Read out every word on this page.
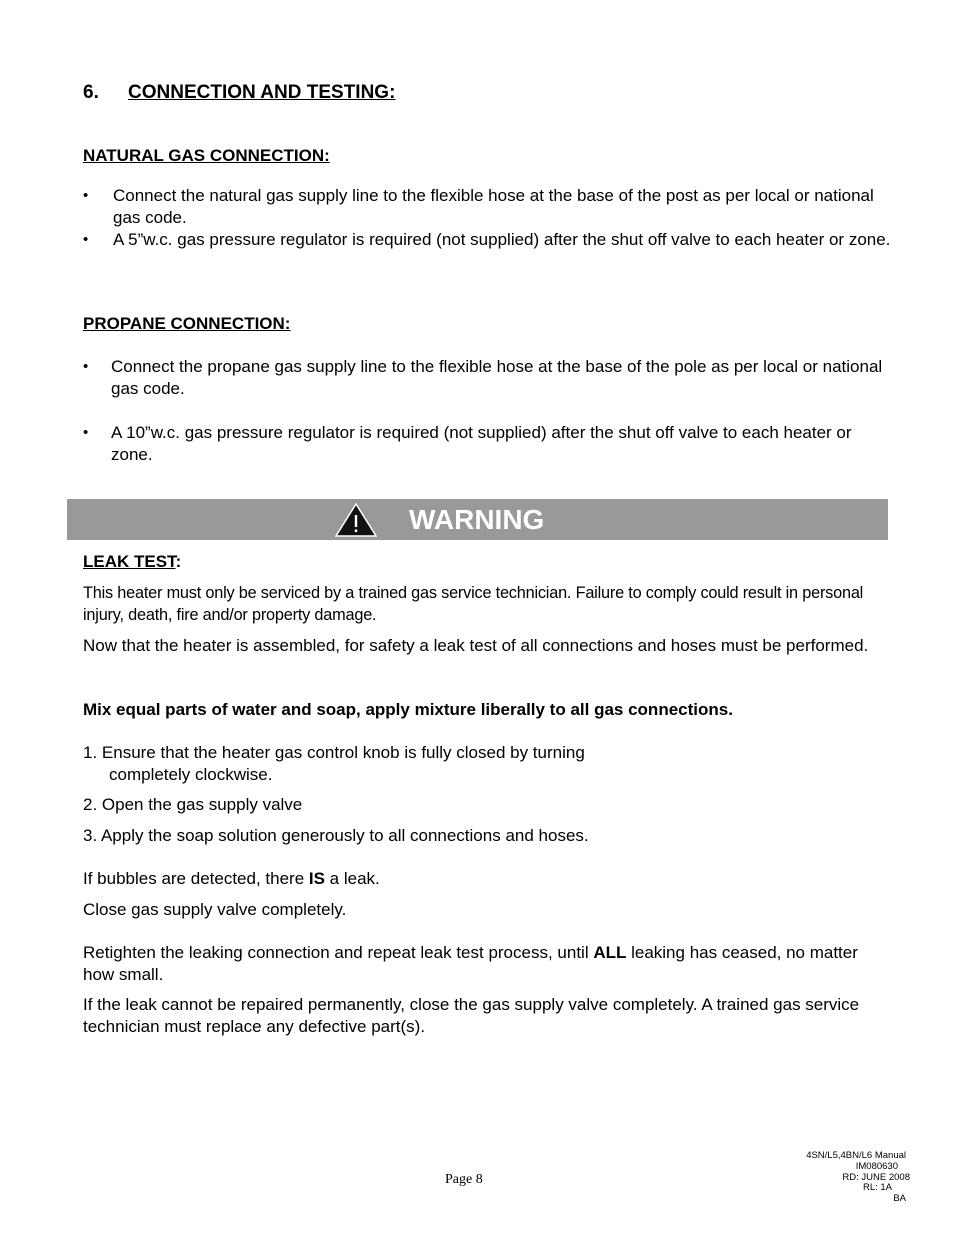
6. CONNECTION AND TESTING:
NATURAL GAS CONNECTION:
•	Connect the natural gas supply line to the flexible hose at the base of the post as per local or national gas code.
•	A 5”w.c. gas pressure regulator is required (not supplied) after the shut off valve to each heater or zone.
PROPANE CONNECTION:
•	Connect the propane gas supply line to the flexible hose at the base of the pole as per local or national gas code.
•	A 10”w.c. gas pressure regulator is required (not supplied) after the shut off valve to each heater or zone.
WARNING
LEAK TEST:
This heater must only be serviced by a trained gas service technician. Failure to comply could result in personal injury, death, fire and/or property damage.
Now that the heater is assembled, for safety a leak test of all connections and hoses must be performed.
Mix equal parts of water and soap, apply mixture liberally to all gas connections.
1. Ensure that the heater gas control knob is fully closed by turning
completely clockwise.
2. Open the gas supply valve
3. Apply the soap solution generously to all connections and hoses.
If bubbles are detected, there IS a leak.
Close gas supply valve completely.
Retighten the leaking connection and repeat leak test process, until ALL leaking has ceased, no matter how small.
If the leak cannot be repaired permanently, close the gas supply valve completely. A trained gas service technician must replace any defective part(s).
Page 8
4SN/L5,4BN/L6 Manual
IM080630
RD: JUNE 2008
RL: 1A
BA
